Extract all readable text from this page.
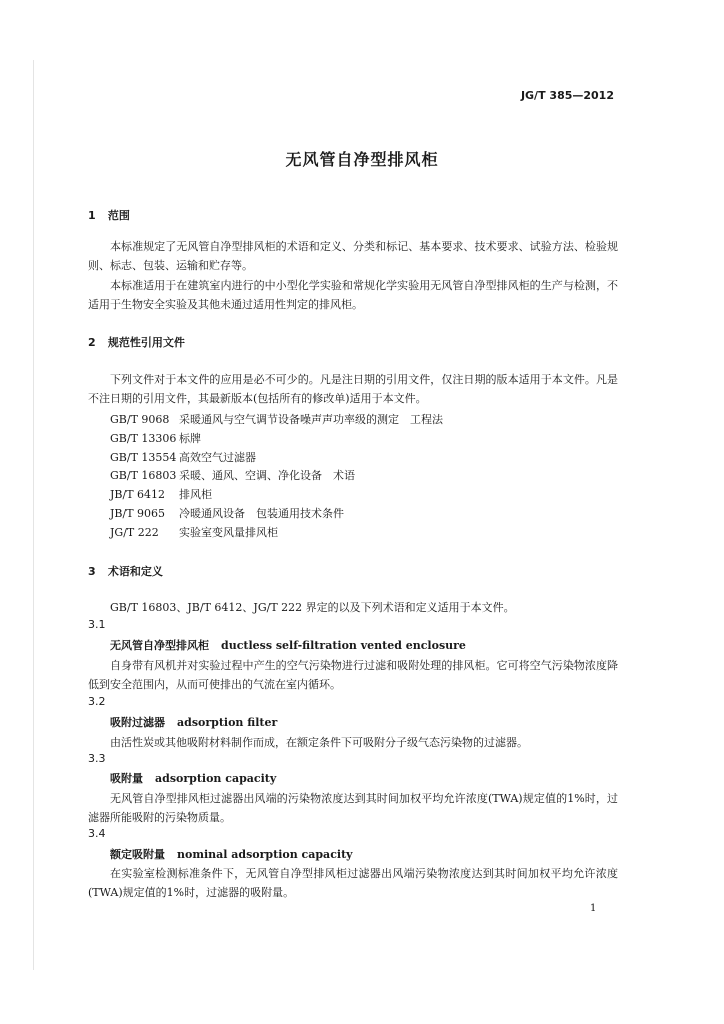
JG/T 385—2012
无风管自净型排风柜
1 范围
本标准规定了无风管自净型排风柜的术语和定义、分类和标记、基本要求、技术要求、试验方法、检验规则、标志、包装、运输和贮存等。
本标准适用于在建筑室内进行的中小型化学实验和常规化学实验用无风管自净型排风柜的生产与检测，不适用于生物安全实验及其他未通过适用性判定的排风柜。
2 规范性引用文件
下列文件对于本文件的应用是必不可少的。凡是注日期的引用文件，仅注日期的版本适用于本文件。凡是不注日期的引用文件，其最新版本(包括所有的修改单)适用于本文件。
GB/T 9068 采暖通风与空气调节设备噪声声功率级的测定　工程法
GB/T 13306 标牌
GB/T 13554 高效空气过滤器
GB/T 16803 采暖、通风、空调、净化设备　术语
JB/T 6412 排风柜
JB/T 9065 冷暖通风设备　包装通用技术条件
JG/T 222 实验室变风量排风柜
3 术语和定义
GB/T 16803、JB/T 6412、JG/T 222 界定的以及下列术语和定义适用于本文件。
3.1
无风管自净型排风柜 ductless self-filtration vented enclosure
自身带有风机并对实验过程中产生的空气污染物进行过滤和吸附处理的排风柜。它可将空气污染物浓度降低到安全范围内，从而可使排出的气流在室内循环。
3.2
吸附过滤器 adsorption filter
由活性炭或其他吸附材料制作而成，在额定条件下可吸附分子级气态污染物的过滤器。
3.3
吸附量 adsorption capacity
无风管自净型排风柜过滤器出风端的污染物浓度达到其时间加权平均允许浓度(TWA)规定值的1%时，过滤器所能吸附的污染物质量。
3.4
额定吸附量 nominal adsorption capacity
在实验室检测标准条件下，无风管自净型排风柜过滤器出风端污染物浓度达到其时间加权平均允许浓度(TWA)规定值的1%时，过滤器的吸附量。
1
